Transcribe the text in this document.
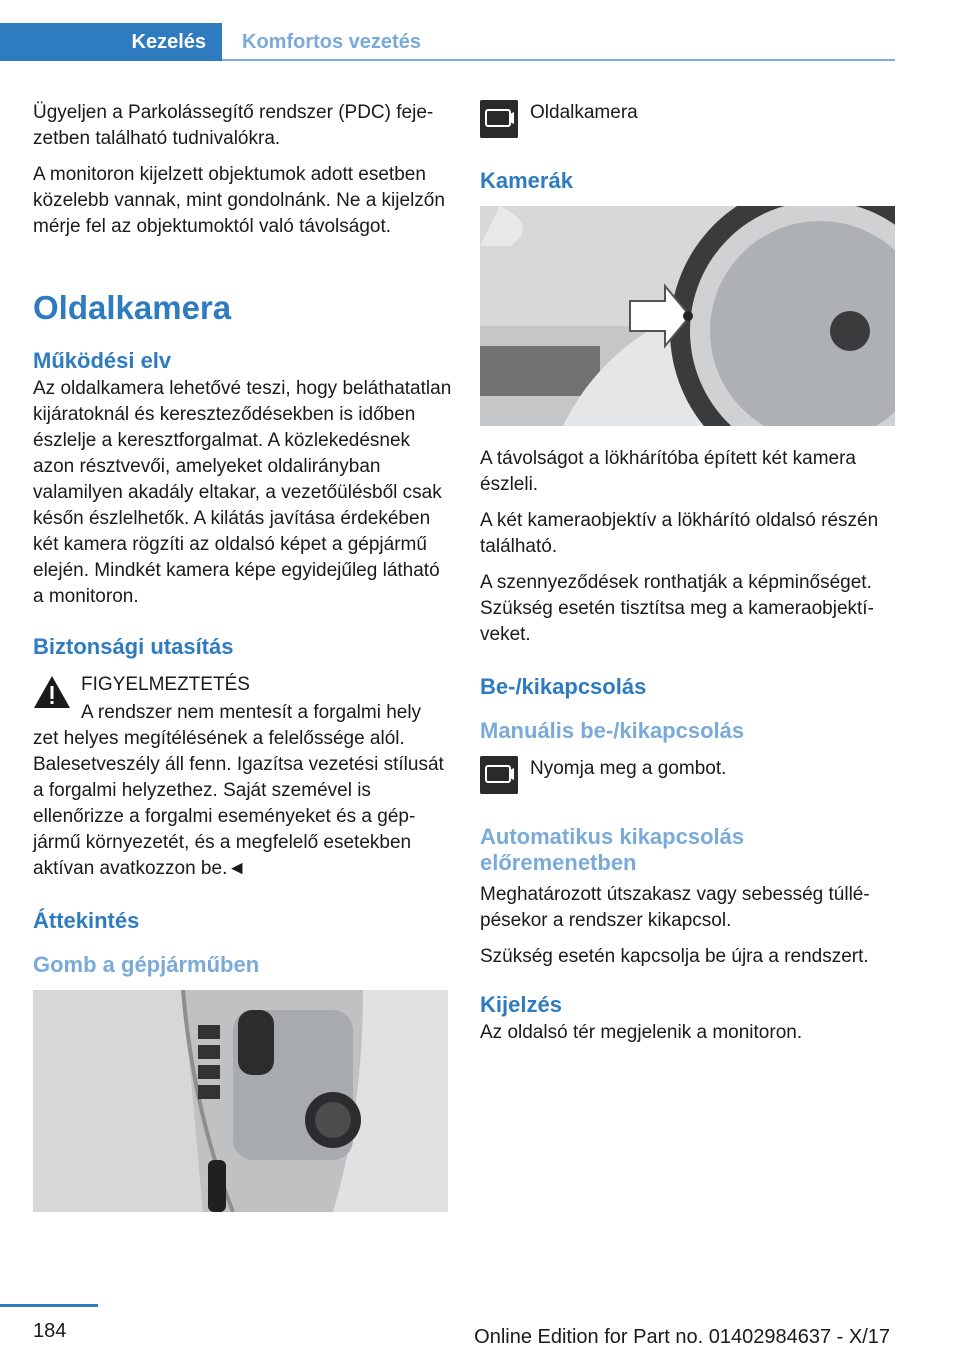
Kezelés	Komfortos vezetés

Ügyeljen a Parkolássegítő rendszer (PDC) fejezetben található tudnivalókra.

A monitoron kijelzett objektumok adott esetben közelebb vannak, mint gondolnánk. Ne a kijelzőn mérje fel az objektumoktól való távolságot.

Oldalkamera
Működési elv

Az oldalkamera lehetővé teszi, hogy beláthatatlan kijáratoknál és kereszteződésekben is időben észlelje a keresztforgalmat. A közlekedésnek azon résztvevői, amelyeket oldalirányban valamilyen akadály eltakar, a vezetőülésből csak későn észlelhetők. A kilátás javítása érdekében két kamera rögzíti az oldalsó képet a gépjármű elején. Mindkét kamera képe egyidejűleg látható a monitoron.

Biztonsági utasítás

FIGYELMEZTETÉS

A rendszer nem mentesít a forgalmi hely

zet helyes megítélésének a felelőssége alól. Balesetveszély áll fenn. Igazítsa vezetési stílusát a forgalmi helyzethez. Saját szemével is ellenőrizze a forgalmi eseményeket és a gépjármű környezetét, és a megfelelő esetekben aktívan avatkozzon be.◄

Áttekintés
Gomb a gépjárműben
Oldalkamera
Kamerák

A távolságot a lökhárítóba épített két kamera észleli.

A két kameraobjektív a lökhárító oldalsó részén található.

A szennyeződések ronthatják a képminőséget. Szükség esetén tisztítsa meg a kameraobjektíveket.

Be-/kikapcsolás
Manuális be-/kikapcsolás
Nyomja meg a gombot.
Automatikus kikapcsolás előremenetben

Meghatározott útszakasz vagy sebesség túllépésekor a rendszer kikapcsol.

Szükség esetén kapcsolja be újra a rendszert.

Kijelzés

Az oldalsó tér megjelenik a monitoron.

184	Online Edition for Part no. 01402984637 - X/17
